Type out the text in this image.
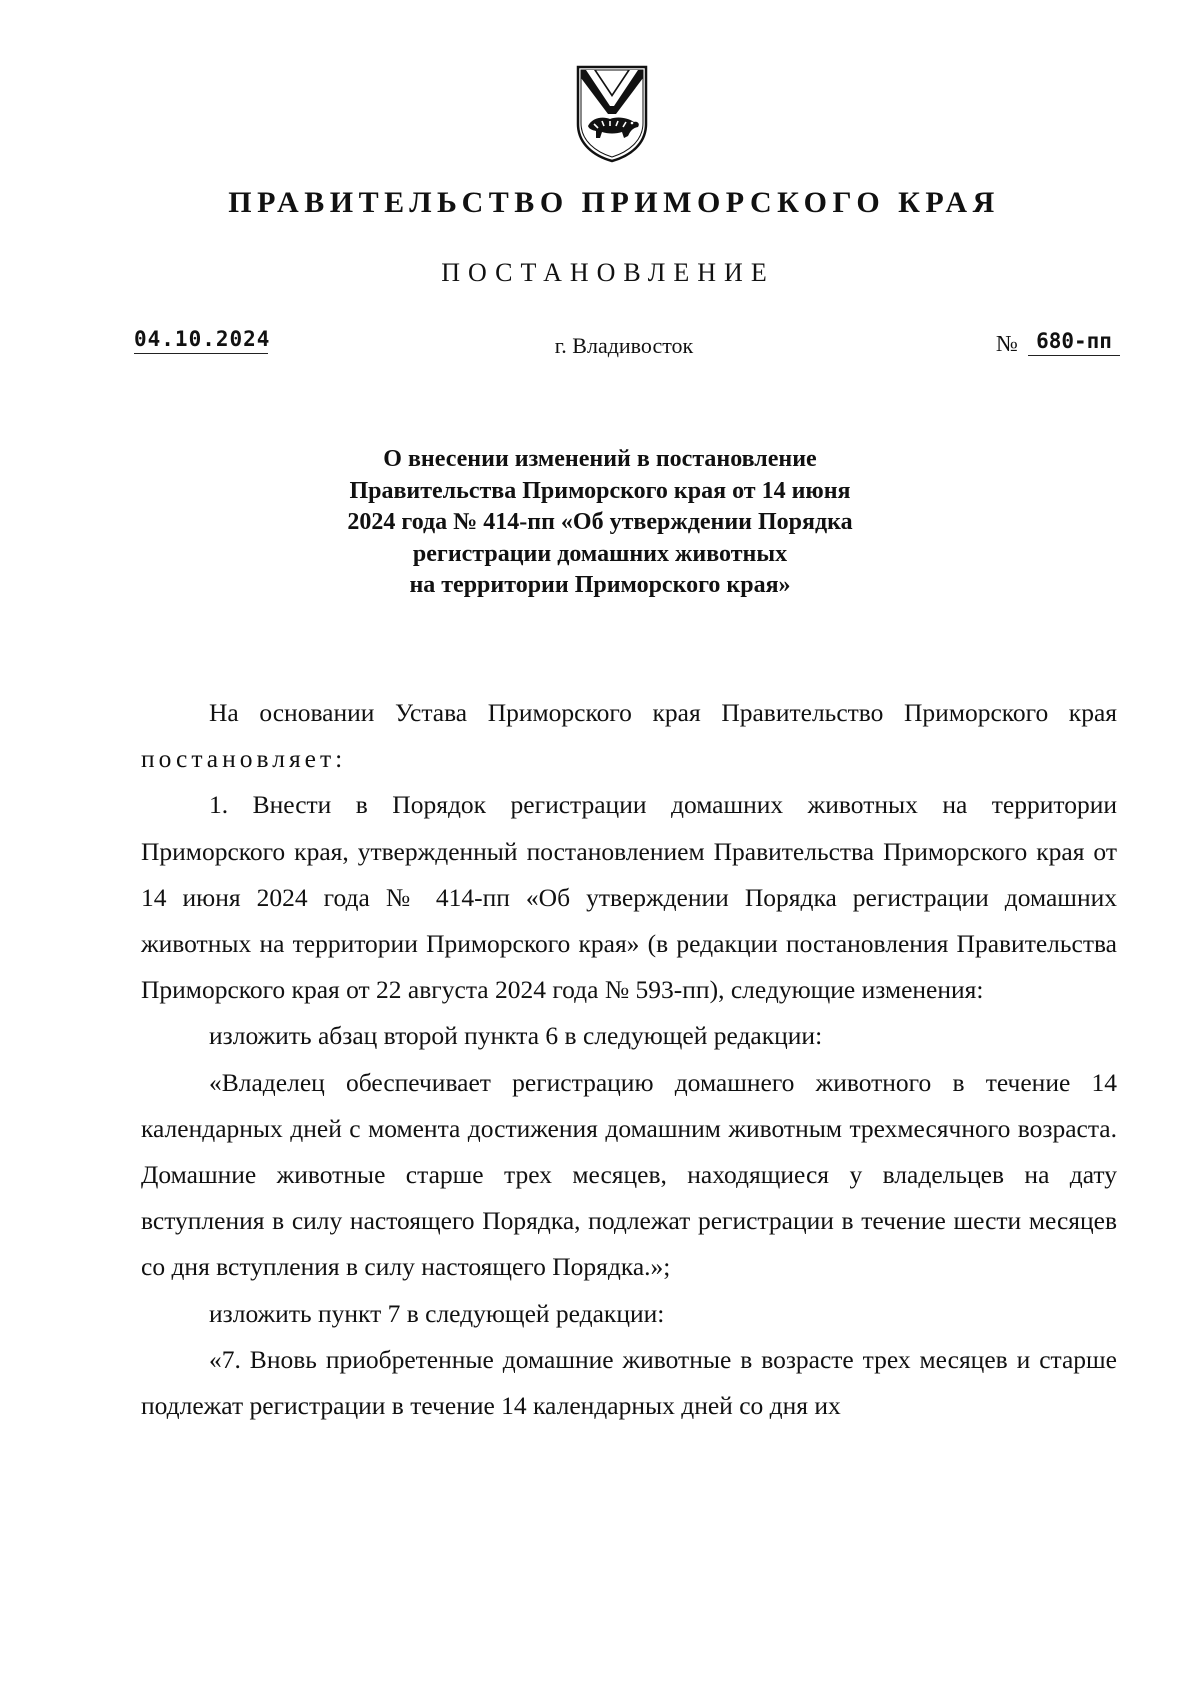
ПРАВИТЕЛЬСТВО ПРИМОРСКОГО КРАЯ
ПОСТАНОВЛЕНИЕ
04.10.2024	г. Владивосток	№ 680-пп
О внесении изменений в постановление
Правительства Приморского края от 14 июня
2024 года № 414-пп «Об утверждении Порядка
регистрации домашних животных
на территории Приморского края»

На основании Устава Приморского края Правительство Приморского края постановляет:

1. Внести в Порядок регистрации домашних животных на территории Приморского края, утвержденный постановлением Правительства Приморского края от 14 июня 2024 года № 414-пп «Об утверждении Порядка регистрации домашних животных на территории Приморского края» (в редакции постановления Правительства Приморского края от 22 августа 2024 года № 593-пп), следующие изменения:

изложить абзац второй пункта 6 в следующей редакции:

«Владелец обеспечивает регистрацию домашнего животного в течение 14 календарных дней с момента достижения домашним животным трехмесячного возраста. Домашние животные старше трех месяцев, находящиеся у владельцев на дату вступления в силу настоящего Порядка, подлежат регистрации в течение шести месяцев со дня вступления в силу настоящего Порядка.»;

изложить пункт 7 в следующей редакции:

«7. Вновь приобретенные домашние животные в возрасте трех месяцев и старше подлежат регистрации в течение 14 календарных дней со дня их
